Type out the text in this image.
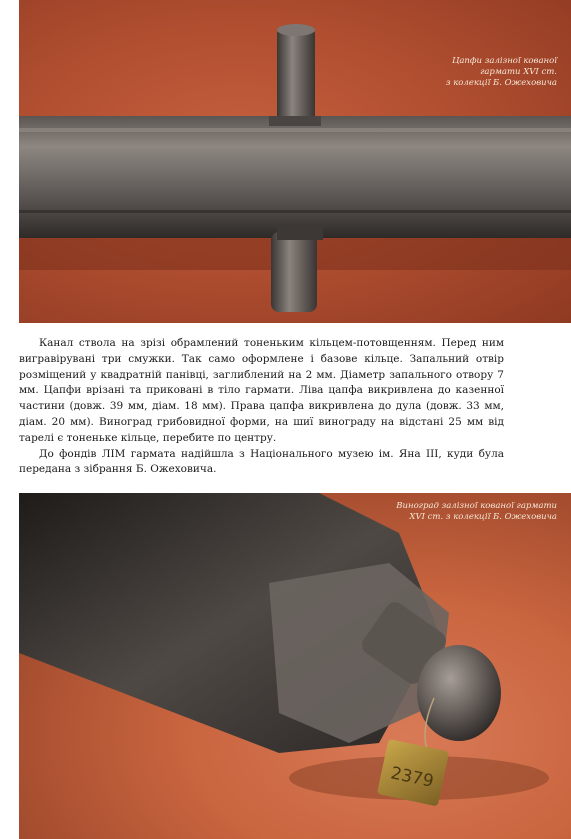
Цапфи залізної кованої
гармати XVI ст.
з колекції Б. Ожеховича

Канал ствола на зрізі обрамлений тоненьким кільцем-потовщенням. Перед ним вигравірувані три смужки. Так само оформлене і базове кільце. Запальний отвір розміщений у квадратній панівці, заглиблений на 2 мм. Діаметр запального отвору 7 мм. Цапфи врізані та приковані в тіло гармати. Ліва цапфа викривлена до казенної частини (довж. 39 мм, діам. 18 мм). Права цапфа викривлена до дула (довж. 33 мм, діам. 20 мм). Виноград грибовидної форми, на шиї винограду на відстані 25 мм від тарелі є тоненьке кільце, перебите по центру.

До фондів ЛІМ гармата надійшла з Національного музею ім. Яна ІІІ, куди була передана з зібрання Б. Ожеховича.

2379
Виноград залізної кованої гармати
XVI ст. з колекції Б. Ожеховича
